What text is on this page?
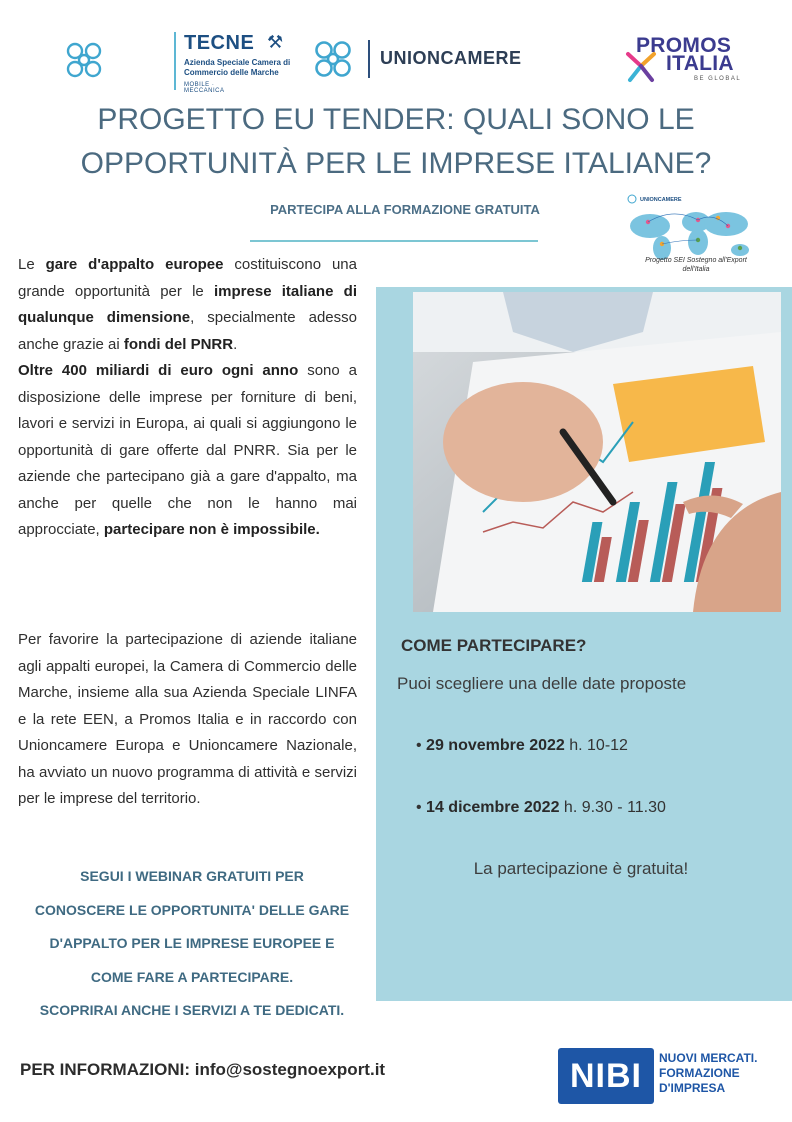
TECNE ⚒
Azienda Speciale Camera di Commercio delle Marche
MOBILE · MECCANICA
UNIONCAMERE
PROMOS
ITALIA
BE GLOBAL
PROGETTO EU TENDER: QUALI SONO LE OPPORTUNITÀ PER LE IMPRESE ITALIANE?
PARTECIPA ALLA FORMAZIONE GRATUITA
UNIONCAMERE
Progetto SEI Sostegno all'Export dell'Italia
Le gare d'appalto europee costituiscono una grande opportunità per le imprese italiane di qualunque dimensione, specialmente adesso anche grazie ai fondi del PNRR.
Oltre 400 miliardi di euro ogni anno sono a disposizione delle imprese per forniture di beni, lavori e servizi in Europa, ai quali si aggiungono le opportunità di gare offerte dal PNRR. Sia per le aziende che partecipano già a gare d'appalto, ma anche per quelle che non le hanno mai approcciate, partecipare non è impossibile.
Per favorire la partecipazione di aziende italiane agli appalti europei, la Camera di Commercio delle Marche, insieme alla sua Azienda Speciale LINFA e la rete EEN, a Promos Italia e in raccordo con Unioncamere Europa e Unioncamere Nazionale, ha avviato un nuovo programma di attività e servizi per le imprese del territorio.
SEGUI I WEBINAR GRATUITI PER
CONOSCERE LE OPPORTUNITA' DELLE GARE
D'APPALTO PER LE IMPRESE EUROPEE E
COME FARE A PARTECIPARE.
SCOPRIRAI ANCHE I SERVIZI A TE DEDICATI.
COME PARTECIPARE?
Puoi scegliere una delle date proposte
• 29 novembre 2022 h. 10-12
• 14 dicembre 2022 h. 9.30 - 11.30
La partecipazione è gratuita!
PER INFORMAZIONI: info@sostegnoexport.it	NIBI	NUOVI MERCATI.
FORMAZIONE
D'IMPRESA
